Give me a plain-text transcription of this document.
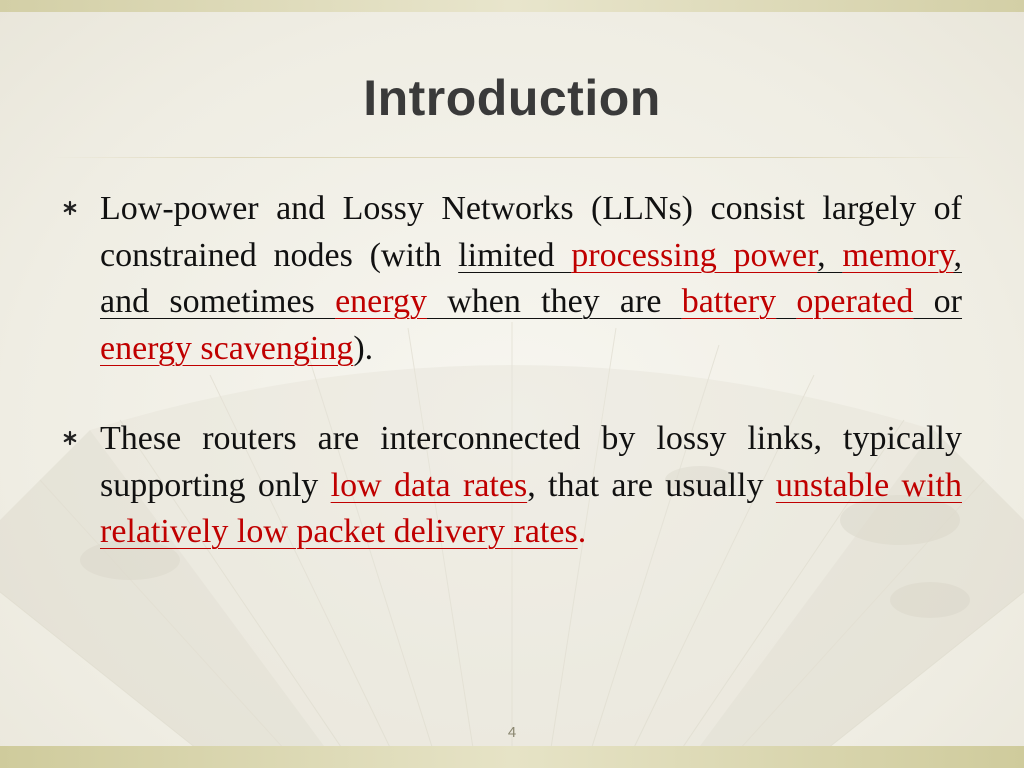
Introduction
Low-power and Lossy Networks (LLNs) consist largely of constrained nodes (with limited processing power, memory, and sometimes energy when they are battery operated or energy scavenging).
These routers are interconnected by lossy links, typically supporting only low data rates, that are usually unstable with relatively low packet delivery rates.
4
